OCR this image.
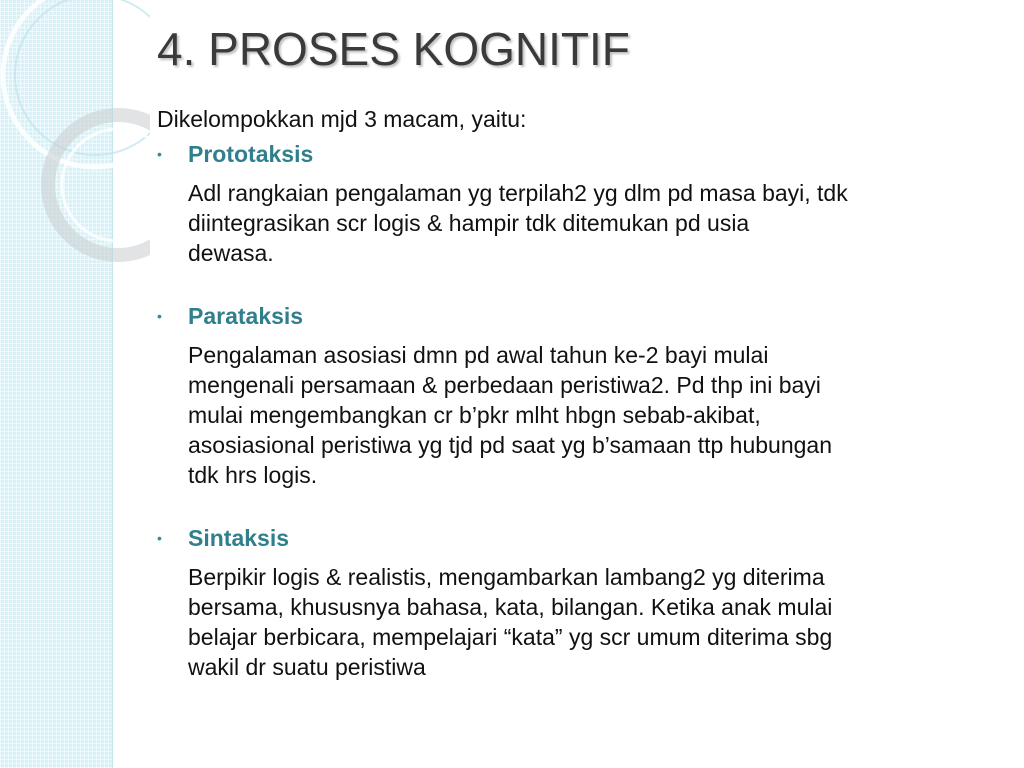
4. PROSES KOGNITIF

Dikelompokkan mjd 3 macam, yaitu:

• Prototaksis

Adl rangkaian pengalaman yg terpilah2 yg dlm pd masa bayi, tdk
diintegrasikan scr logis & hampir tdk ditemukan pd usia
dewasa.

• Parataksis

Pengalaman asosiasi dmn pd awal tahun ke-2 bayi mulai
mengenali persamaan & perbedaan peristiwa2. Pd thp ini bayi
mulai mengembangkan cr b’pkr mlht hbgn sebab-akibat,
asosiasional peristiwa yg tjd pd saat yg b’samaan ttp hubungan
tdk hrs logis.

• Sintaksis

Berpikir logis & realistis, mengambarkan lambang2 yg diterima
bersama, khususnya bahasa, kata, bilangan. Ketika anak mulai
belajar berbicara, mempelajari “kata” yg scr umum diterima sbg
wakil dr suatu peristiwa
